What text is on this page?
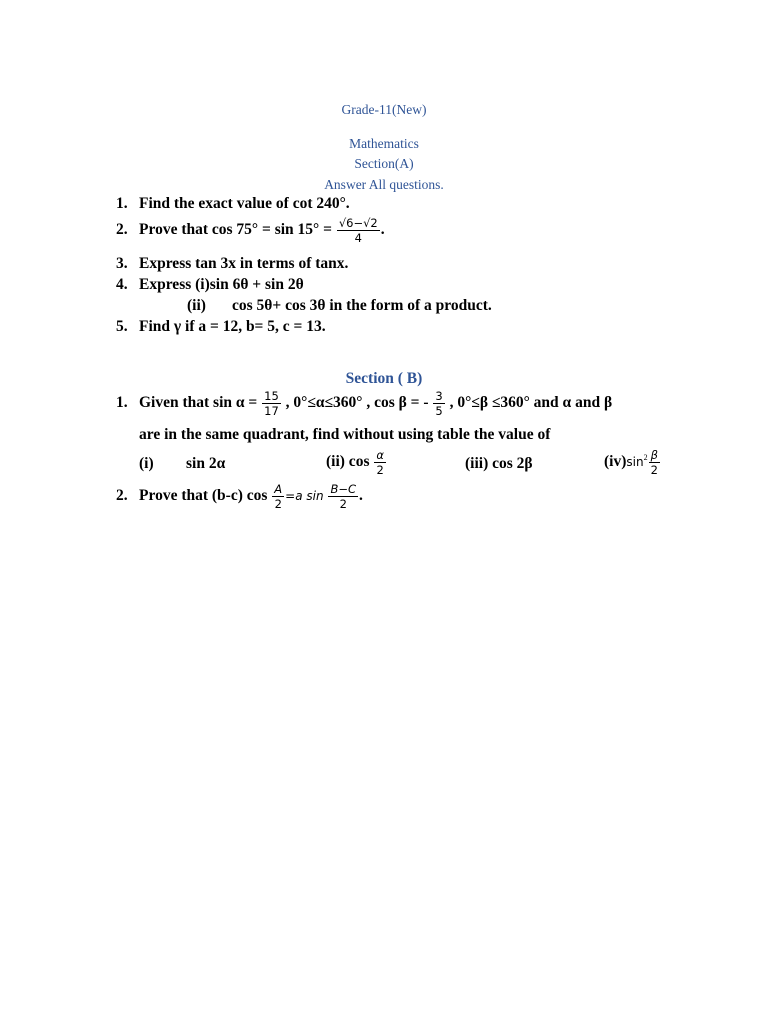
Grade-11(New)
Mathematics
Section(A)
Answer All questions.
1. Find the exact value of cot 240°.
2. Prove that $\cos 75^\circ = \sin 15^\circ = \frac{√6-√2}{4}$ .
3. Express tan 3x in terms of tanx.
4. Express (i)sin 6θ + sin 2θ
(ii) cos 5θ+ cos 3θ in the form of a product.
5. Find γ if a = 12, b= 5, c = 13.
Section ( B)
1. Given that $\sin \alpha = \frac{15}{17}$ , 0°≤α≤360° , cos β = - $\frac{3}{5}$ , 0°≤β ≤360° and α and β
are in the same quadrant, find without using table the value of
(i) sin 2α	(ii) $\cos \frac{\alpha}{2}$	(iii) cos 2β	$(iv)\sin^2 \frac{\beta}{2}$
2. Prove that (b-c) $\cos \frac{A}{2} =a$ $\sin \frac{B-C}{2}$ .
